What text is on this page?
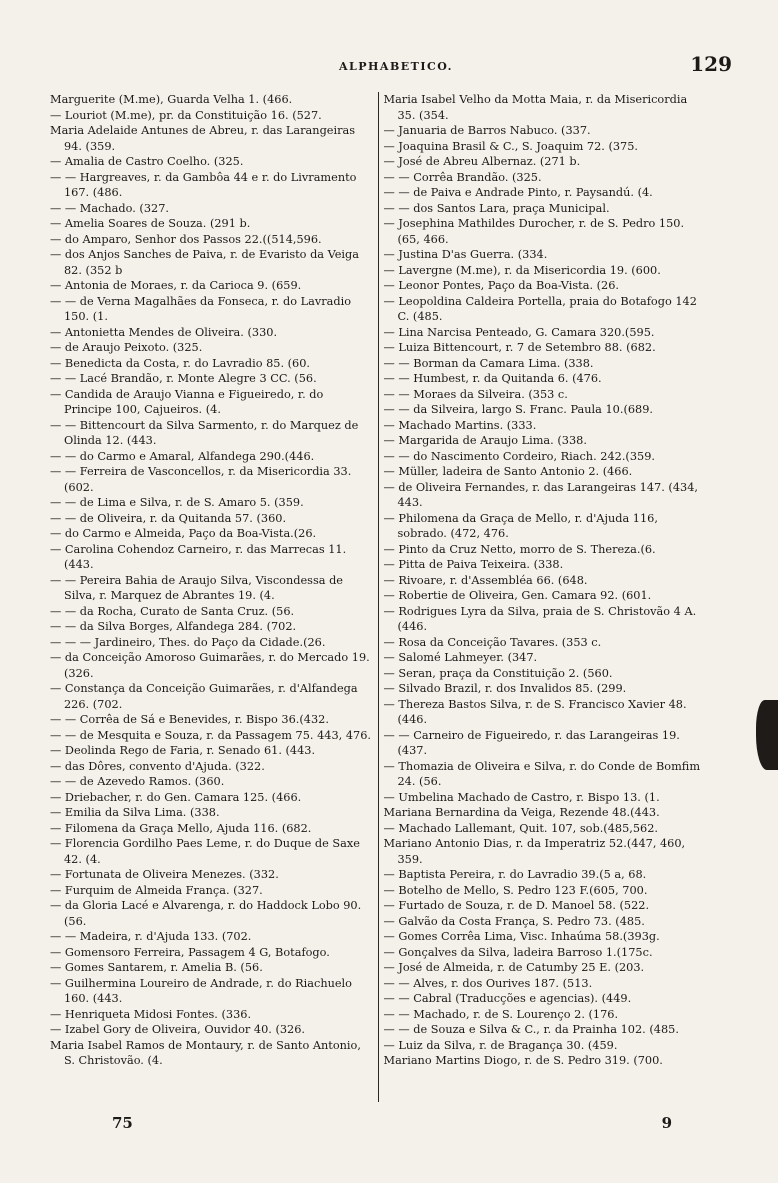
ALPHABETICO.	129
Marguerite (M.me), Guarda Velha 1. (466.
— Louriot (M.me), pr. da Constituição 16. (527.
Maria Adelaide Antunes de Abreu, r. das Larangeiras 94. (359.
— Amalia de Castro Coelho. (325.
— — Hargreaves, r. da Gambôa 44 e r. do Livramento 167. (486.
— — Machado. (327.
— Amelia Soares de Souza. (291 b.
— do Amparo, Senhor dos Passos 22.((514,596.
— dos Anjos Sanches de Paiva, r. de Evaristo da Veiga 82. (352 b
— Antonia de Moraes, r. da Carioca 9. (659.
— — de Verna Magalhães da Fonseca, r. do Lavradio 150. (1.
— Antonietta Mendes de Oliveira. (330.
— de Araujo Peixoto. (325.
— Benedicta da Costa, r. do Lavradio 85. (60.
— — Lacé Brandão, r. Monte Alegre 3 CC. (56.
— Candida de Araujo Vianna e Figueiredo, r. do Principe 100, Cajueiros. (4.
— — Bittencourt da Silva Sarmento, r. do Marquez de Olinda 12. (443.
— — do Carmo e Amaral, Alfandega 290.(446.
— — Ferreira de Vasconcellos, r. da Misericordia 33. (602.
— — de Lima e Silva, r. de S. Amaro 5. (359.
— — de Oliveira, r. da Quitanda 57. (360.
— do Carmo e Almeida, Paço da Boa-Vista.(26.
— Carolina Cohendoz Carneiro, r. das Marrecas 11. (443.
— — Pereira Bahia de Araujo Silva, Viscondessa de Silva, r. Marquez de Abrantes 19. (4.
— — da Rocha, Curato de Santa Cruz. (56.
— — da Silva Borges, Alfandega 284. (702.
— — — Jardineiro, Thes. do Paço da Cidade.(26.
— da Conceição Amoroso Guimarães, r. do Mercado 19. (326.
— Constança da Conceição Guimarães, r. d'Alfandega 226. (702.
— — Corrêa de Sá e Benevides, r. Bispo 36.(432.
— — de Mesquita e Souza, r. da Passagem 75. 443, 476.
— Deolinda Rego de Faria, r. Senado 61. (443.
— das Dôres, convento d'Ajuda. (322.
— — de Azevedo Ramos. (360.
— Driebacher, r. do Gen. Camara 125. (466.
— Emilia da Silva Lima. (338.
— Filomena da Graça Mello, Ajuda 116. (682.
— Florencia Gordilho Paes Leme, r. do Duque de Saxe 42. (4.
— Fortunata de Oliveira Menezes. (332.
— Furquim de Almeida França. (327.
— da Gloria Lacé e Alvarenga, r. do Haddock Lobo 90. (56.
— — Madeira, r. d'Ajuda 133. (702.
— Gomensoro Ferreira, Passagem 4 G, Botafogo.
— Gomes Santarem, r. Amelia B. (56.
— Guilhermina Loureiro de Andrade, r. do Riachuelo 160. (443.
— Henriqueta Midosi Fontes. (336.
— Izabel Gory de Oliveira, Ouvidor 40. (326.
Maria Isabel Ramos de Montaury, r. de Santo Antonio, S. Christovão. (4.
Maria Isabel Velho da Motta Maia, r. da Misericordia 35. (354.
— Januaria de Barros Nabuco. (337.
— Joaquina Brasil & C., S. Joaquim 72. (375.
— José de Abreu Albernaz. (271 b.
— — Corrêa Brandão. (325.
— — de Paiva e Andrade Pinto, r. Paysandú. (4.
— — dos Santos Lara, praça Municipal.
— Josephina Mathildes Durocher, r. de S. Pedro 150. (65, 466.
— Justina D'as Guerra. (334.
— Lavergne (M.me), r. da Misericordia 19. (600.
— Leonor Pontes, Paço da Boa-Vista. (26.
— Leopoldina Caldeira Portella, praia do Botafogo 142 C. (485.
— Lina Narcisa Penteado, G. Camara 320.(595.
— Luiza Bittencourt, r. 7 de Setembro 88. (682.
— — Borman da Camara Lima. (338.
— — Humbest, r. da Quitanda 6. (476.
— — Moraes da Silveira. (353 c.
— — da Silveira, largo S. Franc. Paula 10.(689.
— Machado Martins. (333.
— Margarida de Araujo Lima. (338.
— — do Nascimento Cordeiro, Riach. 242.(359.
— Müller, ladeira de Santo Antonio 2. (466.
— de Oliveira Fernandes, r. das Larangeiras 147. (434, 443.
— Philomena da Graça de Mello, r. d'Ajuda 116, sobrado. (472, 476.
— Pinto da Cruz Netto, morro de S. Thereza.(6.
— Pitta de Paiva Teixeira. (338.
— Rivoare, r. d'Assembléa 66. (648.
— Robertie de Oliveira, Gen. Camara 92. (601.
— Rodrigues Lyra da Silva, praia de S. Christovão 4 A. (446.
— Rosa da Conceição Tavares. (353 c.
— Salomé Lahmeyer. (347.
— Seran, praça da Constituição 2. (560.
— Silvado Brazil, r. dos Invalidos 85. (299.
— Thereza Bastos Silva, r. de S. Francisco Xavier 48. (446.
— — Carneiro de Figueiredo, r. das Larangeiras 19. (437.
— Thomazia de Oliveira e Silva, r. do Conde de Bomfim 24. (56.
— Umbelina Machado de Castro, r. Bispo 13. (1.
Mariana Bernardina da Veiga, Rezende 48.(443.
— Machado Lallemant, Quit. 107, sob.(485,562.
Mariano Antonio Dias, r. da Imperatriz 52.(447, 460, 359.
— Baptista Pereira, r. do Lavradio 39.(5 a, 68.
— Botelho de Mello, S. Pedro 123 F.(605, 700.
— Furtado de Souza, r. de D. Manoel 58. (522.
— Galvão da Costa França, S. Pedro 73. (485.
— Gomes Corrêa Lima, Visc. Inhaúma 58.(393g.
— Gonçalves da Silva, ladeira Barroso 1.(175c.
— José de Almeida, r. de Catumby 25 E. (203.
— — Alves, r. dos Ourives 187. (513.
— — Cabral (Traducções e agencias). (449.
— — Machado, r. de S. Lourenço 2. (176.
— — de Souza e Silva & C., r. da Prainha 102. (485.
— Luiz da Silva, r. de Bragança 30. (459.
Mariano Martins Diogo, r. de S. Pedro 319. (700.
75	9
